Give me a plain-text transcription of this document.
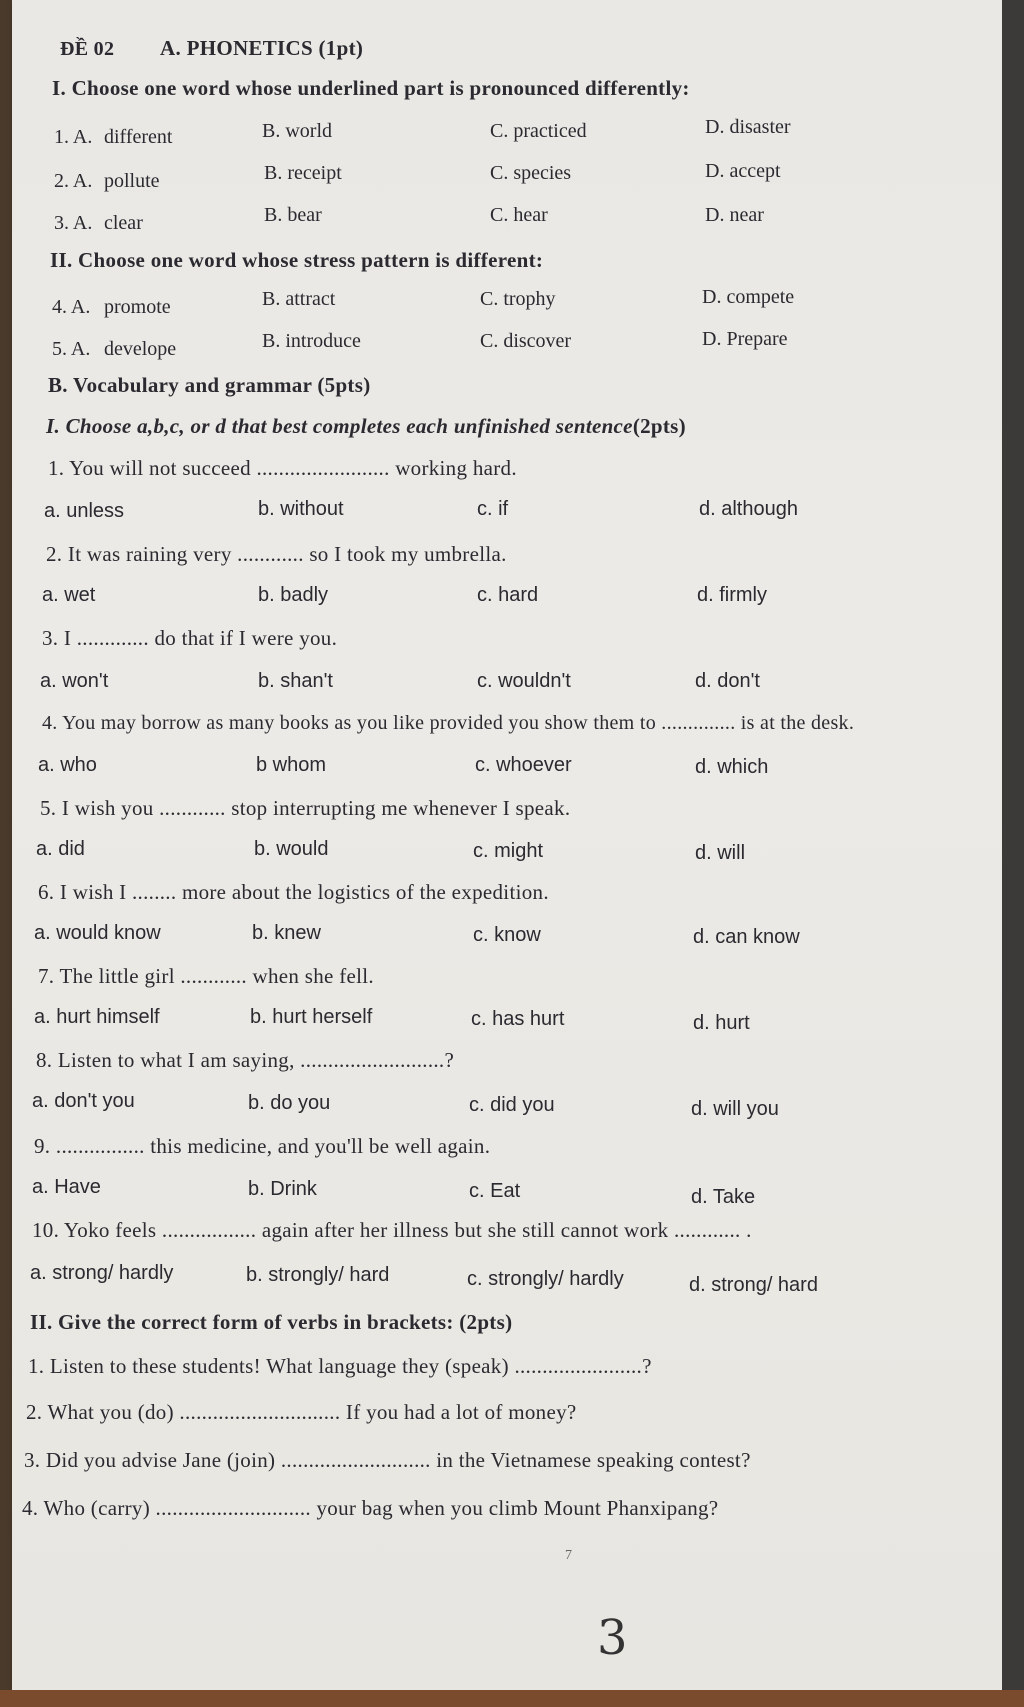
ĐỀ 02 A. PHONETICS (1pt)
I. Choose one word whose underlined part is pronounced differently:
1. A. different	B. world	C. practiced	D. disaster
2. A. pollute	B. receipt	C. species	D. accept
3. A. clear	B. bear	C. hear	D. near
II. Choose one word whose stress pattern is different:
4. A. promote	B. attract	C. trophy	D. compete
5. A. develope	B. introduce	C. discover	D. Prepare
B. Vocabulary and grammar (5pts)
I. Choose a,b,c, or d that best completes each unfinished sentence(2pts)
1. You will not succeed ........................ working hard.
a. unless	b. without	c. if	d. although
2. It was raining very ............ so I took my umbrella.
a. wet	b. badly	c. hard	d. firmly
3. I ............. do that if I were you.
a. won't	b. shan't	c. wouldn't	d. don't
4. You may borrow as many books as you like provided you show them to .............. is at the desk.
a. who	b whom	c. whoever	d. which
5. I wish you ............ stop interrupting me whenever I speak.
a. did	b. would	c. might	d. will
6. I wish I ........ more about the logistics of the expedition.
a. would know	b. knew	c. know	d. can know
7. The little girl ............ when she fell.
a. hurt himself	b. hurt herself	c. has hurt	d. hurt
8. Listen to what I am saying, ..........................?
a. don't you	b. do you	c. did you	d. will you
9. ................ this medicine, and you'll be well again.
a. Have	b. Drink	c. Eat	d. Take
10. Yoko feels ................. again after her illness but she still cannot work ............ .
a. strong/ hardly	b. strongly/ hard	c. strongly/ hardly	d. strong/ hard
II. Give the correct form of verbs in brackets: (2pts)
1. Listen to these students! What language they (speak) .......................?
2. What you (do) ............................. If you had a lot of money?
3. Did you advise Jane (join) ........................... in the Vietnamese speaking contest?
4. Who (carry) ............................ your bag when you climb Mount Phanxipang?
7
3
